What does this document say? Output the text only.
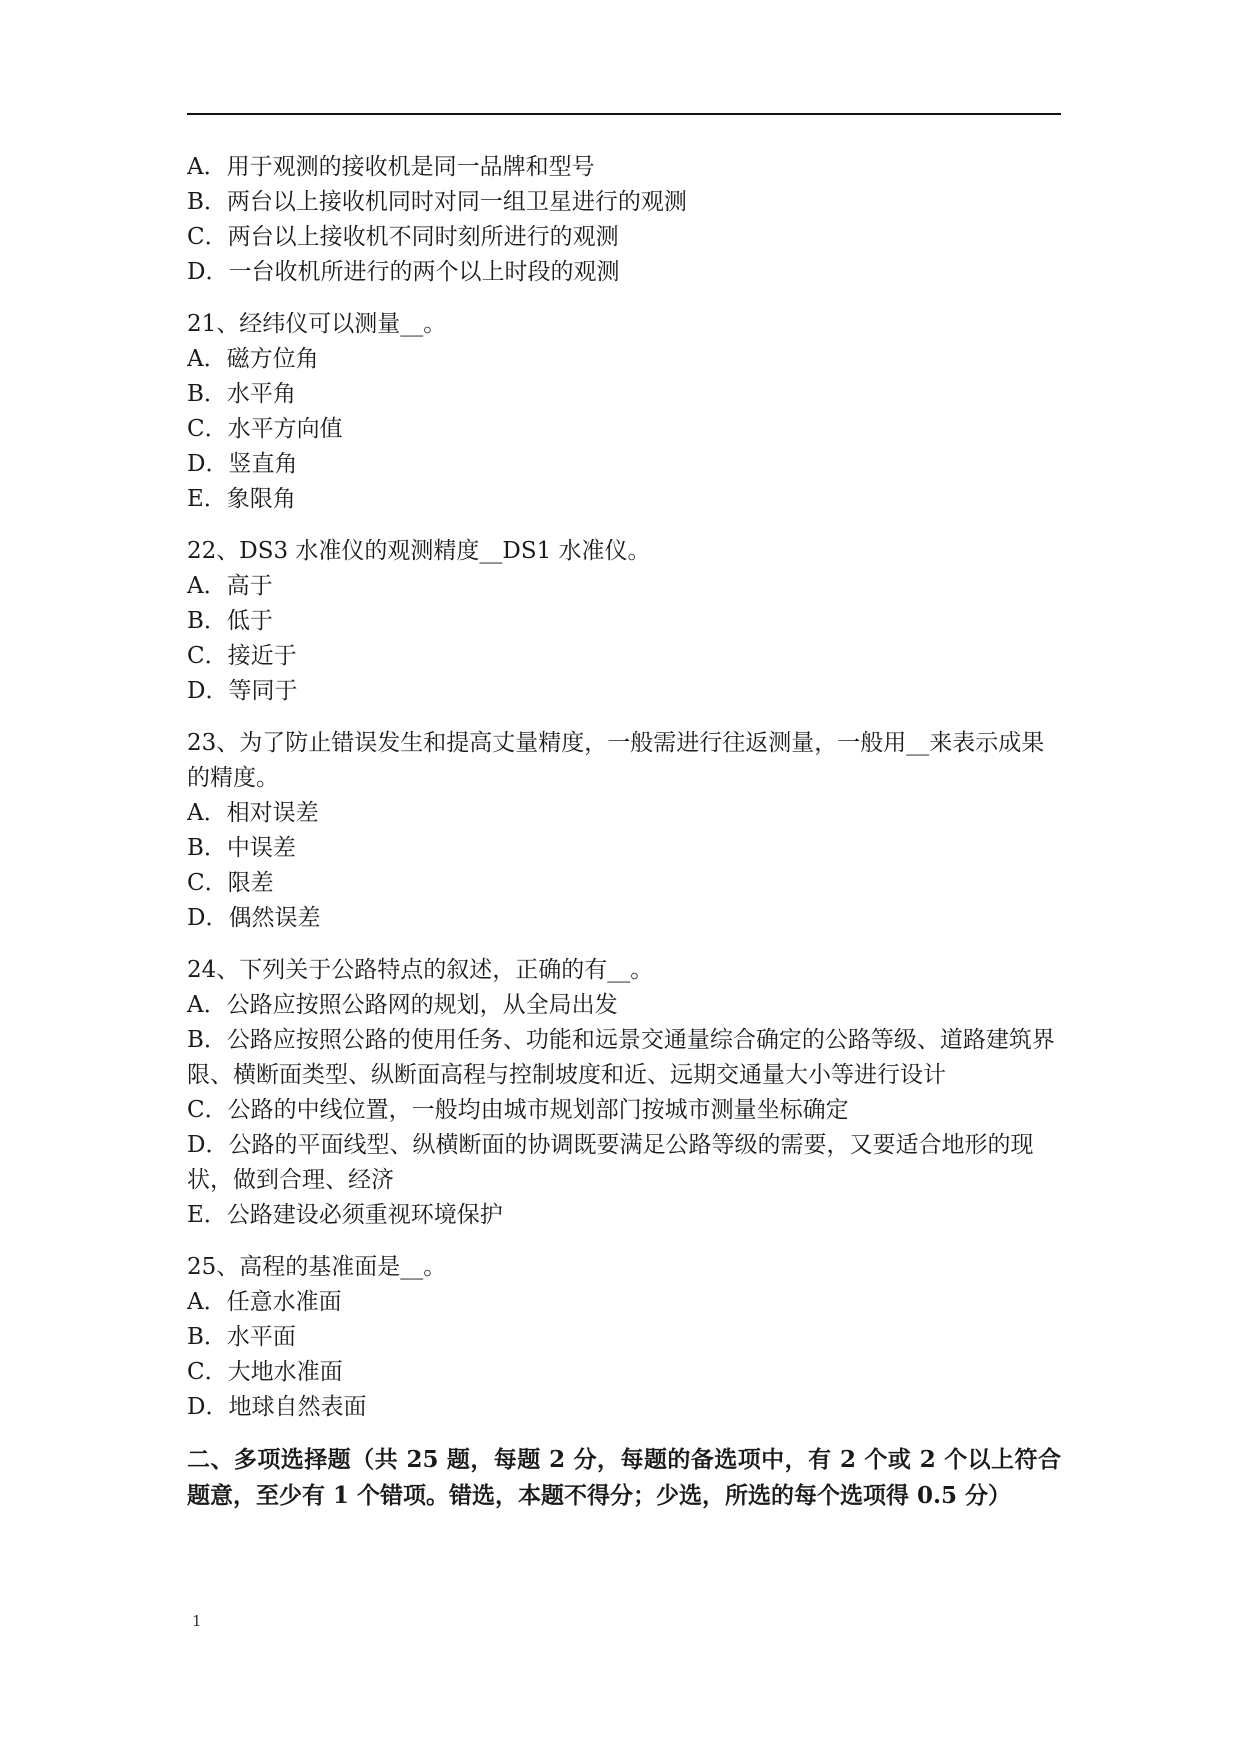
A．用于观测的接收机是同一品牌和型号
B．两台以上接收机同时对同一组卫星进行的观测
C．两台以上接收机不同时刻所进行的观测
D．一台收机所进行的两个以上时段的观测
21、经纬仪可以测量__。
A．磁方位角
B．水平角
C．水平方向值
D．竖直角
E．象限角
22、DS3 水准仪的观测精度__DS1 水准仪。
A．高于
B．低于
C．接近于
D．等同于
23、为了防止错误发生和提高丈量精度，一般需进行往返测量，一般用__来表示成果的精度。
A．相对误差
B．中误差
C．限差
D．偶然误差
24、下列关于公路特点的叙述，正确的有__。
A．公路应按照公路网的规划，从全局出发
B．公路应按照公路的使用任务、功能和远景交通量综合确定的公路等级、道路建筑界限、横断面类型、纵断面高程与控制坡度和近、远期交通量大小等进行设计
C．公路的中线位置，一般均由城市规划部门按城市测量坐标确定
D．公路的平面线型、纵横断面的协调既要满足公路等级的需要，又要适合地形的现状，做到合理、经济
E．公路建设必须重视环境保护
25、高程的基准面是__。
A．任意水准面
B．水平面
C．大地水准面
D．地球自然表面
二、多项选择题（共 25 题，每题 2 分，每题的备选项中，有 2 个或 2 个以上符合题意，至少有 1 个错项。错选，本题不得分；少选，所选的每个选项得 0.5 分）
1
